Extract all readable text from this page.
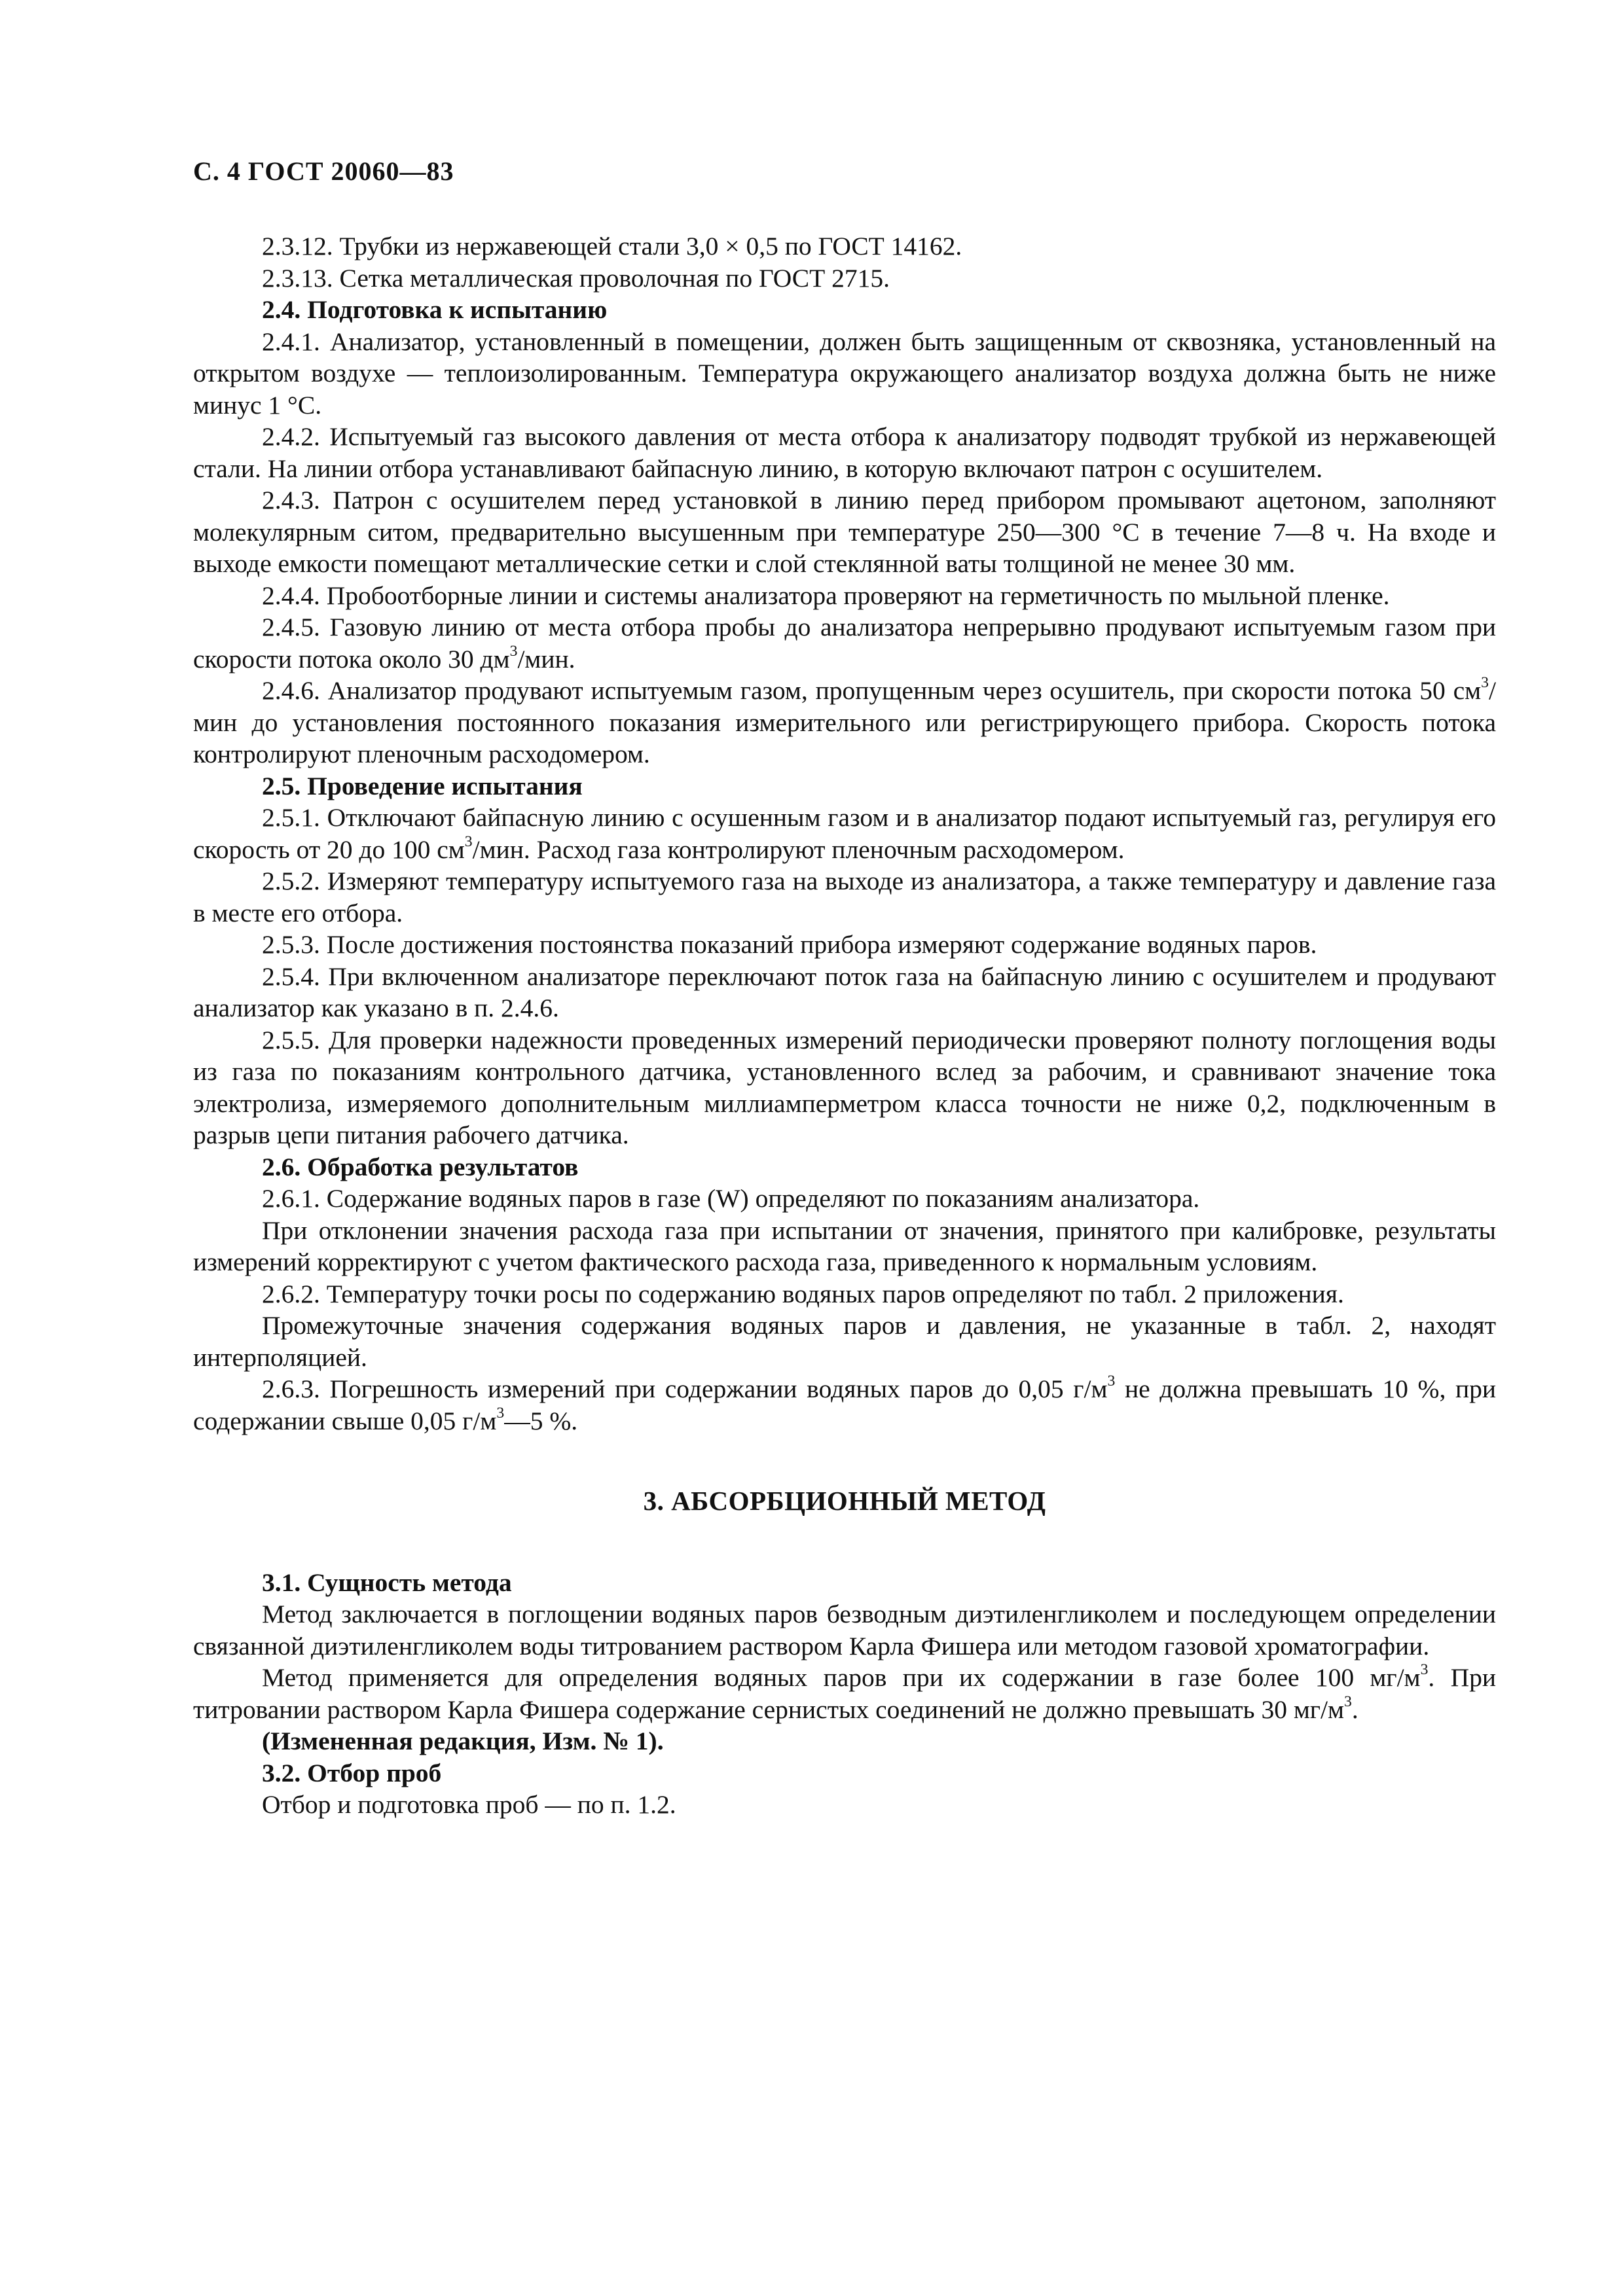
С. 4 ГОСТ 20060—83

2.3.12. Трубки из нержавеющей стали 3,0 × 0,5 по ГОСТ 14162.

2.3.13. Сетка металлическая проволочная по ГОСТ 2715.

2.4. Подготовка к испытанию

2.4.1. Анализатор, установленный в помещении, должен быть защищенным от сквозняка, установленный на открытом воздухе — теплоизолированным. Температура окружающего анализатор воздуха должна быть не ниже минус 1 °С.

2.4.2. Испытуемый газ высокого давления от места отбора к анализатору подводят трубкой из нержавеющей стали. На линии отбора устанавливают байпасную линию, в которую включают патрон с осушителем.

2.4.3. Патрон с осушителем перед установкой в линию перед прибором промывают ацетоном, заполняют молекулярным ситом, предварительно высушенным при температуре 250—300 °С в течение 7—8 ч. На входе и выходе емкости помещают металлические сетки и слой стеклянной ваты толщиной не менее 30 мм.

2.4.4. Пробоотборные линии и системы анализатора проверяют на герметичность по мыльной пленке.

2.4.5. Газовую линию от места отбора пробы до анализатора непрерывно продувают испытуемым газом при скорости потока около 30 $дм^3$/мин.

2.4.6. Анализатор продувают испытуемым газом, пропущенным через осушитель, при скорости потока 50 $см^3$/мин до установления постоянного показания измерительного или регистрирующего прибора. Скорость потока контролируют пленочным расходомером.

2.5. Проведение испытания

2.5.1. Отключают байпасную линию с осушенным газом и в анализатор подают испытуемый газ, регулируя его скорость от 20 до 100 $см^3$/мин. Расход газа контролируют пленочным расходомером.

2.5.2. Измеряют температуру испытуемого газа на выходе из анализатора, а также температуру и давление газа в месте его отбора.

2.5.3. После достижения постоянства показаний прибора измеряют содержание водяных паров.

2.5.4. При включенном анализаторе переключают поток газа на байпасную линию с осушителем и продувают анализатор как указано в п. 2.4.6.

2.5.5. Для проверки надежности проведенных измерений периодически проверяют полноту поглощения воды из газа по показаниям контрольного датчика, установленного вслед за рабочим, и сравнивают значение тока электролиза, измеряемого дополнительным миллиамперметром класса точности не ниже 0,2, подключенным в разрыв цепи питания рабочего датчика.

2.6. Обработка результатов

2.6.1. Содержание водяных паров в газе (W) определяют по показаниям анализатора.

При отклонении значения расхода газа при испытании от значения, принятого при калибровке, результаты измерений корректируют с учетом фактического расхода газа, приведенного к нормальным условиям.

2.6.2. Температуру точки росы по содержанию водяных паров определяют по табл. 2 приложения.

Промежуточные значения содержания водяных паров и давления, не указанные в табл. 2, находят интерполяцией.

2.6.3. Погрешность измерений при содержании водяных паров до 0,05 $г/м^3$ не должна превышать 10 %, при содержании свыше 0,05 $г/м^3—5$ %.

3. АБСОРБЦИОННЫЙ МЕТОД

3.1. Сущность метода

Метод заключается в поглощении водяных паров безводным диэтиленгликолем и последующем определении связанной диэтиленгликолем воды титрованием раствором Карла Фишера или методом газовой хроматографии.

Метод применяется для определения водяных паров при их содержании в газе более 100 $мг/м^3$. При титровании раствором Карла Фишера содержание сернистых соединений не должно превышать 30 $мг/м^3$.

(Измененная редакция, Изм. № 1).

3.2. Отбор проб

Отбор и подготовка проб — по п. 1.2.
